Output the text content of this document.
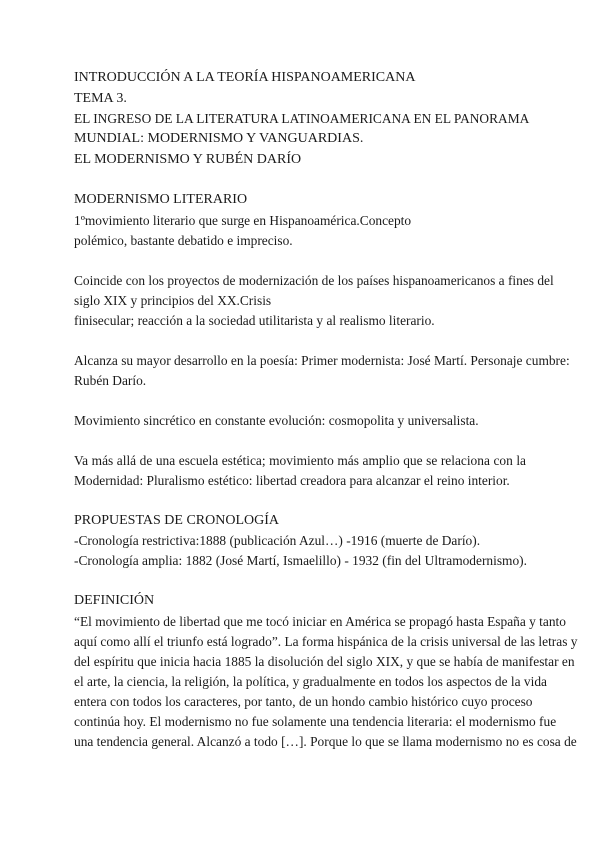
INTRODUCCIÓN A LA TEORÍA HISPANOAMERICANA
TEMA 3.
EL INGRESO DE LA LITERATURA LATINOAMERICANA EN EL PANORAMA
MUNDIAL: MODERNISMO Y VANGUARDIAS.
EL MODERNISMO Y RUBÉN DARÍO
MODERNISMO LITERARIO
1ºmovimiento literario que surge en Hispanoamérica.Concepto
polémico, bastante debatido e impreciso.
Coincide con los proyectos de modernización de los países hispanoamericanos a fines del
siglo XIX y principios del XX.Crisis
finisecular; reacción a la sociedad utilitarista y al realismo literario.
Alcanza su mayor desarrollo en la poesía: Primer modernista: José Martí. Personaje cumbre:
Rubén Darío.
Movimiento sincrético en constante evolución: cosmopolita y universalista.
Va más allá de una escuela estética; movimiento más amplio que se relaciona con la
Modernidad: Pluralismo estético: libertad creadora para alcanzar el reino interior.
PROPUESTAS DE CRONOLOGÍA
-Cronología restrictiva:1888 (publicación Azul…) -1916 (muerte de Darío).
-Cronología amplia: 1882 (José Martí, Ismaelillo) - 1932 (fin del Ultramodernismo).
DEFINICIÓN
“El movimiento de libertad que me tocó iniciar en América se propagó hasta España y tanto
aquí como allí el triunfo está logrado”. La forma hispánica de la crisis universal de las letras y
del espíritu que inicia hacia 1885 la disolución del siglo XIX, y que se había de manifestar en
el arte, la ciencia, la religión, la política, y gradualmente en todos los aspectos de la vida
entera con todos los caracteres, por tanto, de un hondo cambio histórico cuyo proceso
continúa hoy. El modernismo no fue solamente una tendencia literaria: el modernismo fue
una tendencia general. Alcanzó a todo […]. Porque lo que se llama modernismo no es cosa de
